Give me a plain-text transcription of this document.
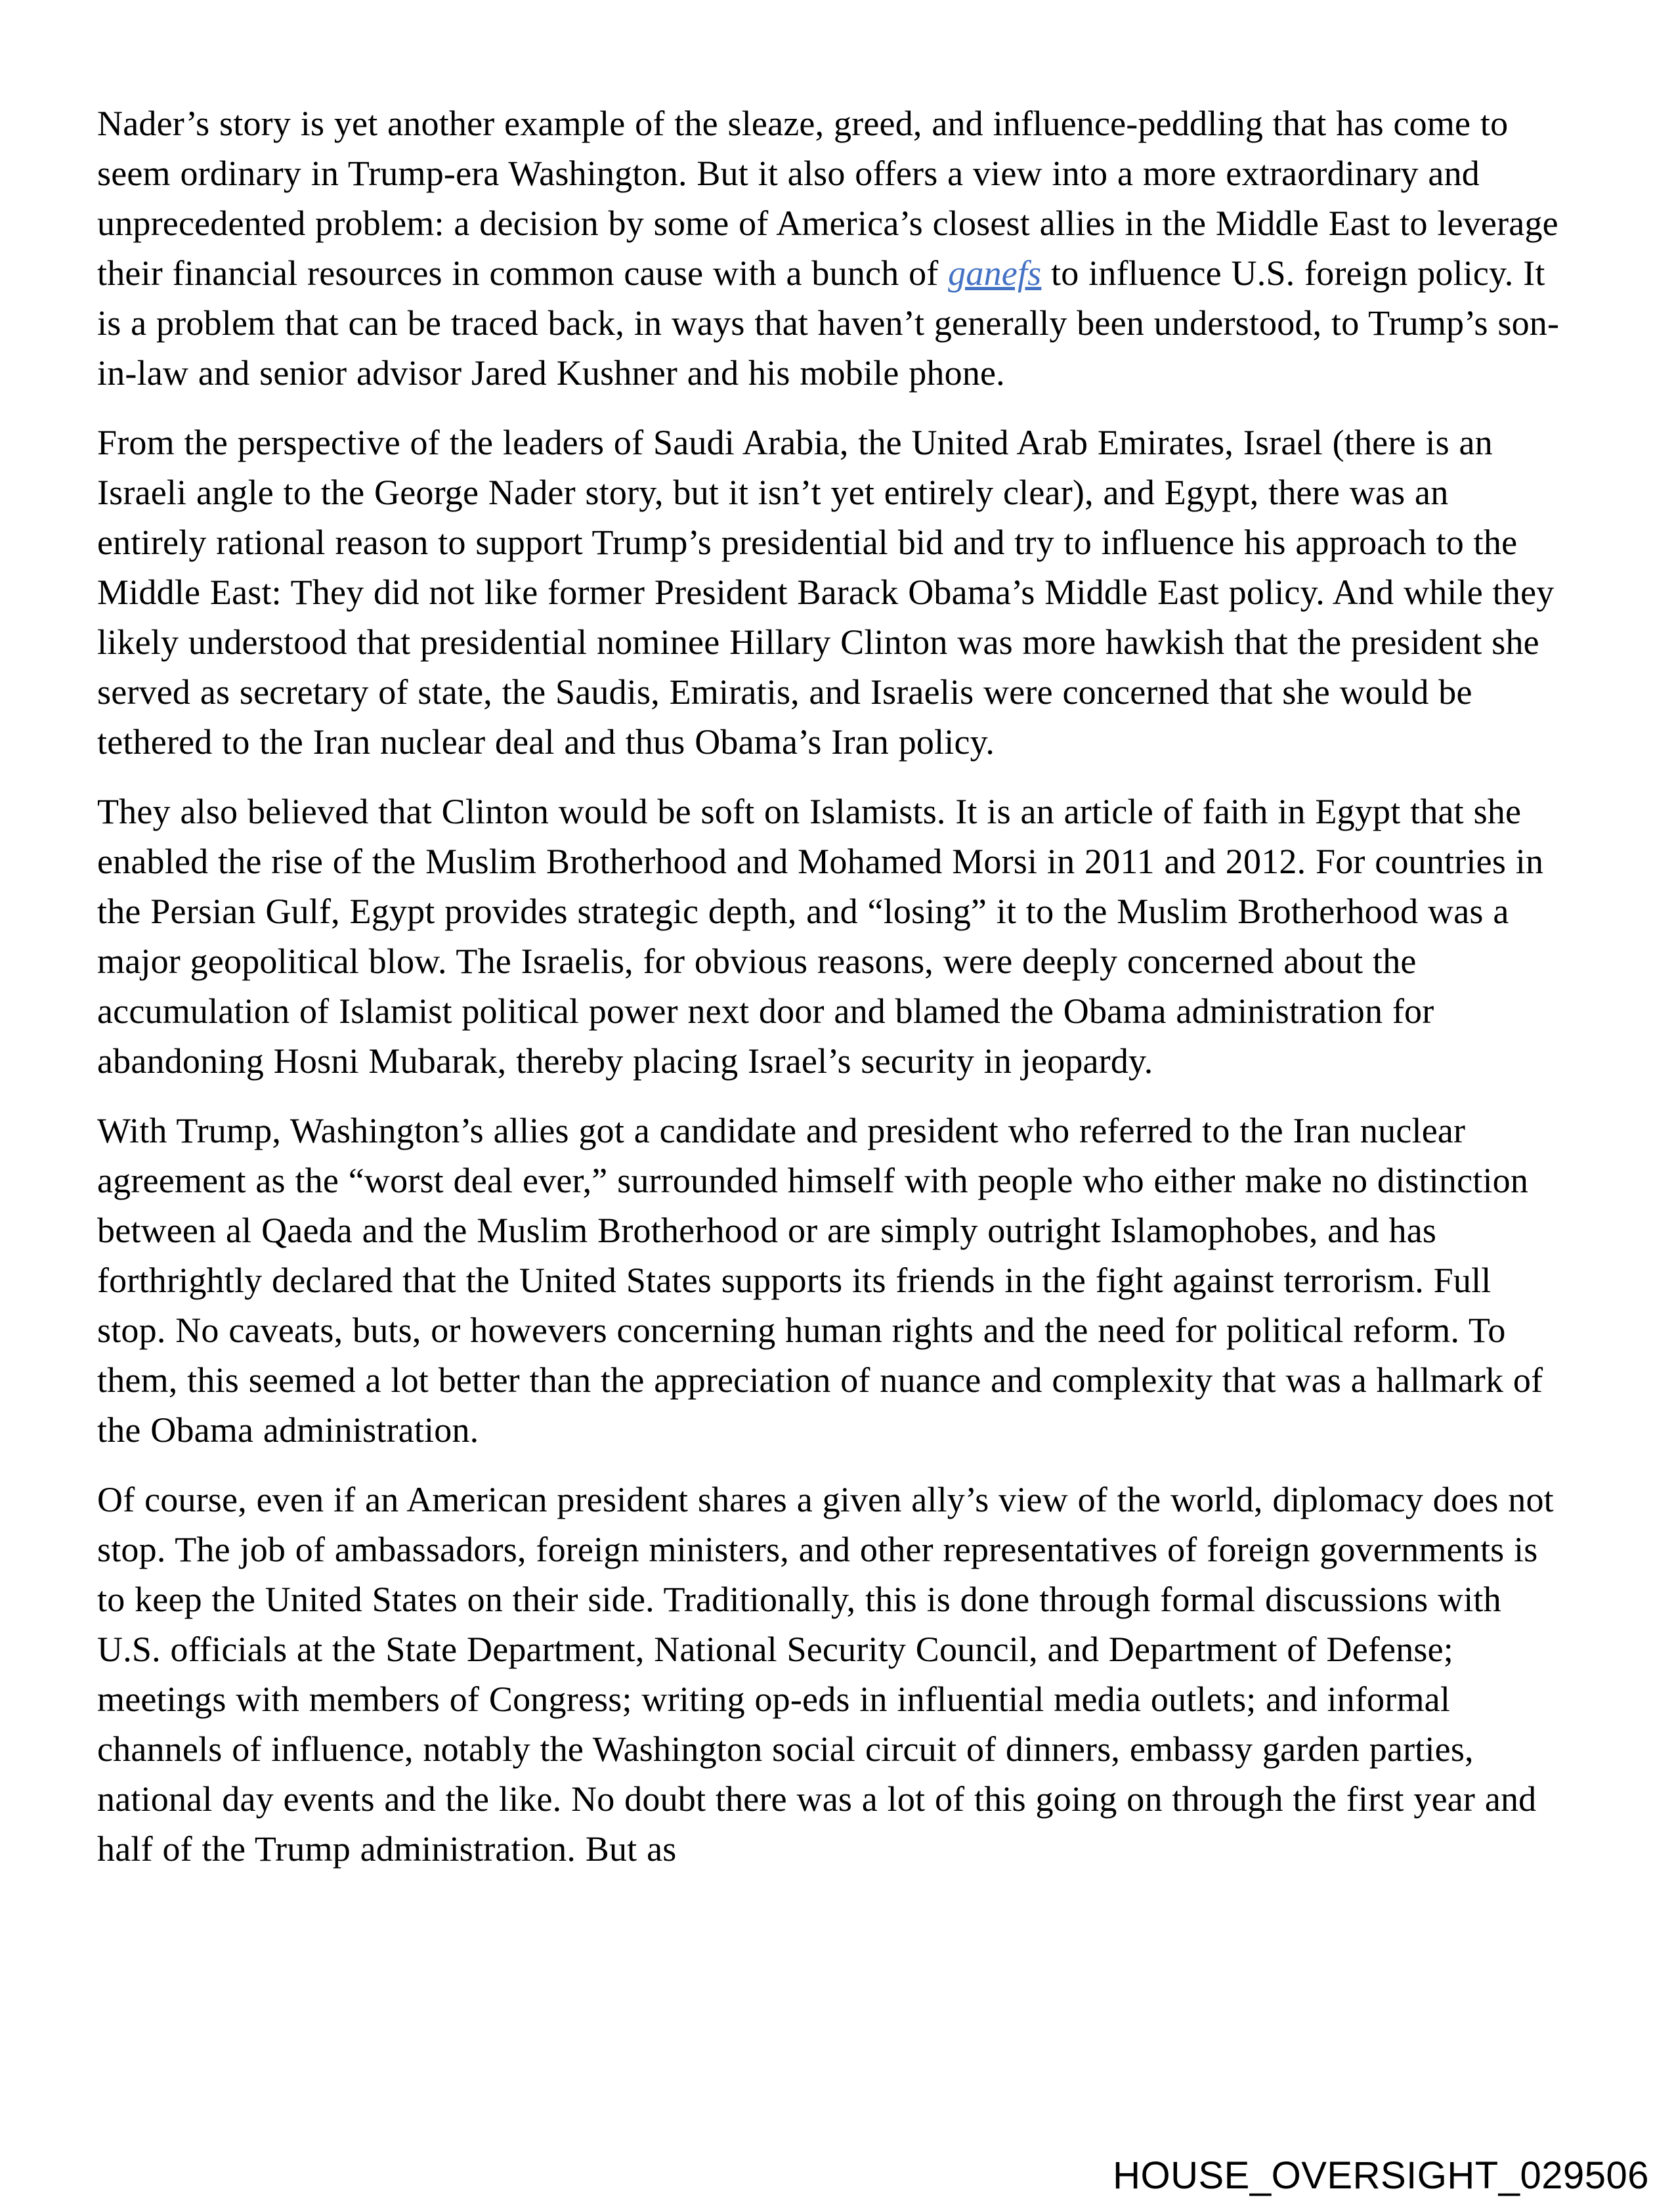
Nader’s story is yet another example of the sleaze, greed, and influence-peddling that has come to seem ordinary in Trump-era Washington. But it also offers a view into a more extraordinary and unprecedented problem: a decision by some of America’s closest allies in the Middle East to leverage their financial resources in common cause with a bunch of ganefs to influence U.S. foreign policy. It is a problem that can be traced back, in ways that haven’t generally been understood, to Trump’s son-in-law and senior advisor Jared Kushner and his mobile phone.

From the perspective of the leaders of Saudi Arabia, the United Arab Emirates, Israel (there is an Israeli angle to the George Nader story, but it isn’t yet entirely clear), and Egypt, there was an entirely rational reason to support Trump’s presidential bid and try to influence his approach to the Middle East: They did not like former President Barack Obama’s Middle East policy. And while they likely understood that presidential nominee Hillary Clinton was more hawkish that the president she served as secretary of state, the Saudis, Emiratis, and Israelis were concerned that she would be tethered to the Iran nuclear deal and thus Obama’s Iran policy.

They also believed that Clinton would be soft on Islamists. It is an article of faith in Egypt that she enabled the rise of the Muslim Brotherhood and Mohamed Morsi in 2011 and 2012. For countries in the Persian Gulf, Egypt provides strategic depth, and “losing” it to the Muslim Brotherhood was a major geopolitical blow. The Israelis, for obvious reasons, were deeply concerned about the accumulation of Islamist political power next door and blamed the Obama administration for abandoning Hosni Mubarak, thereby placing Israel’s security in jeopardy.

With Trump, Washington’s allies got a candidate and president who referred to the Iran nuclear agreement as the “worst deal ever,” surrounded himself with people who either make no distinction between al Qaeda and the Muslim Brotherhood or are simply outright Islamophobes, and has forthrightly declared that the United States supports its friends in the fight against terrorism. Full stop. No caveats, buts, or howevers concerning human rights and the need for political reform. To them, this seemed a lot better than the appreciation of nuance and complexity that was a hallmark of the Obama administration.

Of course, even if an American president shares a given ally’s view of the world, diplomacy does not stop. The job of ambassadors, foreign ministers, and other representatives of foreign governments is to keep the United States on their side. Traditionally, this is done through formal discussions with U.S. officials at the State Department, National Security Council, and Department of Defense; meetings with members of Congress; writing op-eds in influential media outlets; and informal channels of influence, notably the Washington social circuit of dinners, embassy garden parties, national day events and the like. No doubt there was a lot of this going on through the first year and half of the Trump administration. But as

HOUSE_OVERSIGHT_029506
